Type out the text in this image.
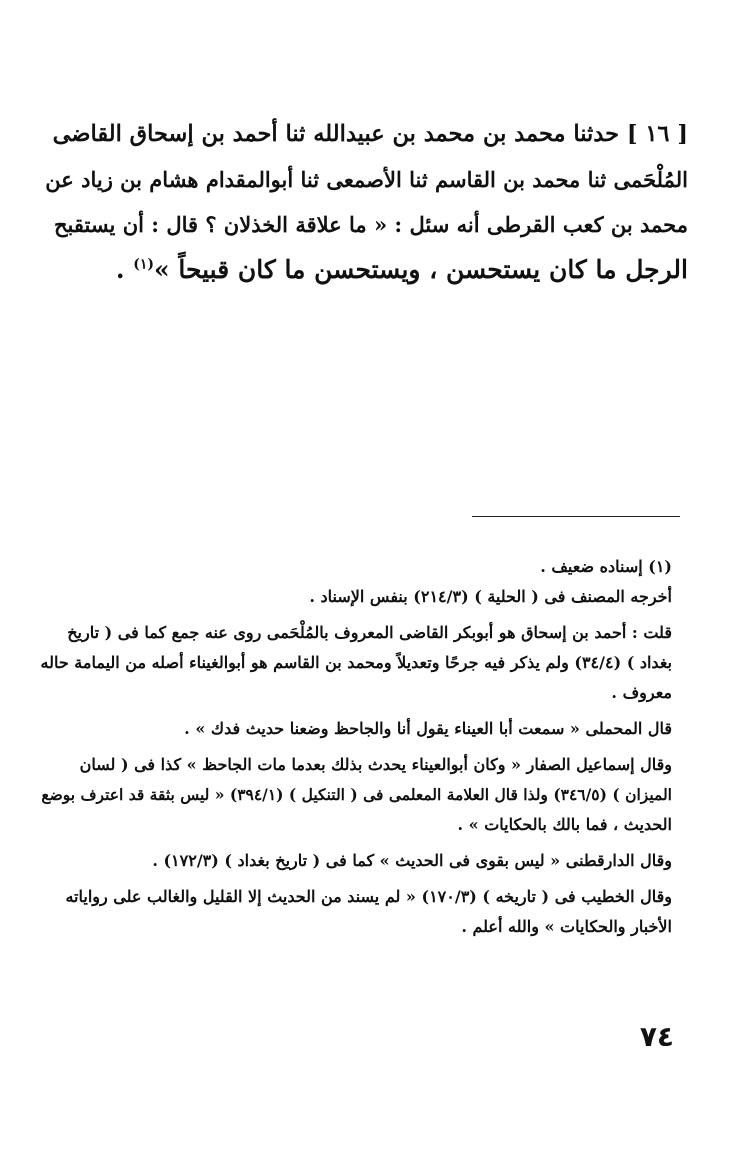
[ ١٦ ] حدثنا محمد بن محمد بن عبيدالله ثنا أحمد بن إسحاق القاضى
المُلْحَمى ثنا محمد بن القاسم ثنا الأصمعى ثنا أبوالمقدام هشام بن زياد عن
محمد بن كعب القرطى أنه سئل : « ما علاقة الخذلان ؟ قال : أن يستقبح
الرجل ما كان يستحسن ، ويستحسن ما كان قبيحاً »$^{(١)}$ .
(١) إسناده ضعيف .
أخرجه المصنف فى ( الحلية ) (٢١٤/٣) بنفس الإسناد .
قلت : أحمد بن إسحاق هو أبوبكر القاضى المعروف بالمُلْحَمى روى عنه جمع كما فى ( تاريخ
بغداد ) (٣٤/٤) ولم يذكر فيه جرحًا وتعديلاً ومحمد بن القاسم هو أبوالغيناء أصله من اليمامة حاله
معروف .
قال المحملى « سمعت أبا العيناء يقول أنا والجاحظ وضعنا حديث فدك » .
وقال إسماعيل الصفار « وكان أبوالعيناء يحدث بذلك بعدما مات الجاحظ » كذا فى ( لسان
الميزان ) (٣٤٦/٥) ولذا قال العلامة المعلمى فى ( التنكيل ) (٣٩٤/١) « ليس بثقة قد اعترف بوضع
الحديث ، فما بالك بالحكايات » .
وقال الدارقطنى « ليس بقوى فى الحديث » كما فى ( تاريخ بغداد ) (١٧٢/٣) .
وقال الخطيب فى ( تاريخه ) (١٧٠/٣) « لم يسند من الحديث إلا القليل والغالب على رواياته
الأخبار والحكايات » والله أعلم .
٧٤
